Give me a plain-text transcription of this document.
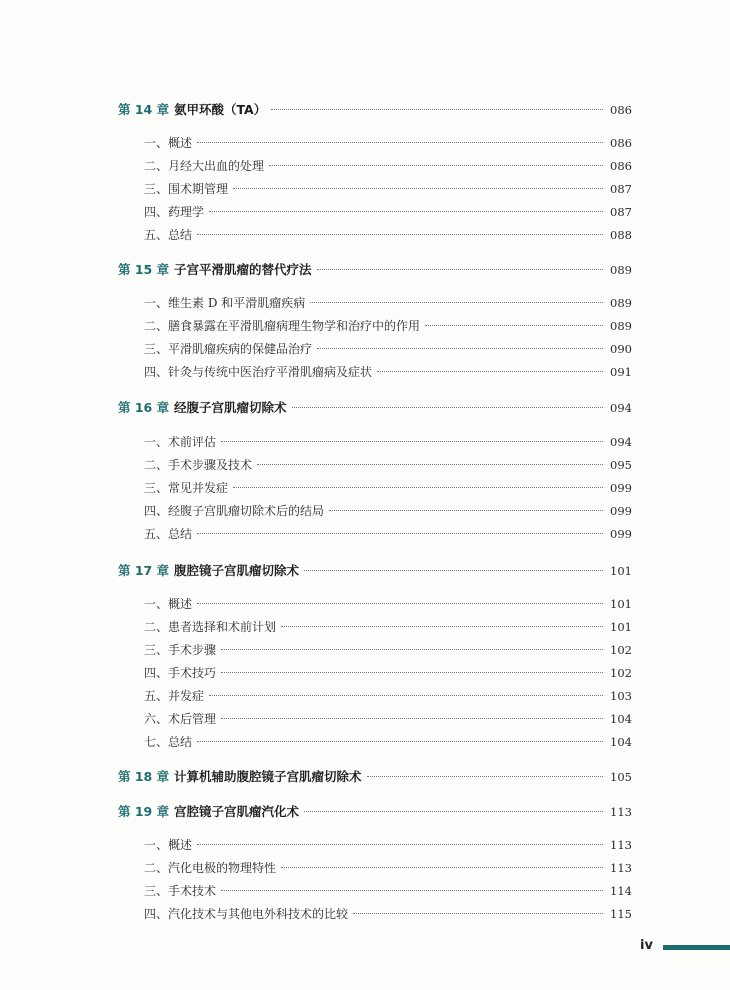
第 14 章 氨甲环酸（TA）	086
一、概述	086
二、月经大出血的处理	086
三、围术期管理	087
四、药理学	087
五、总结	088
第 15 章 子宫平滑肌瘤的替代疗法	089
一、维生素 D 和平滑肌瘤疾病	089
二、膳食暴露在平滑肌瘤病理生物学和治疗中的作用	089
三、平滑肌瘤疾病的保健品治疗	090
四、针灸与传统中医治疗平滑肌瘤病及症状	091
第 16 章 经腹子宫肌瘤切除术	094
一、术前评估	094
二、手术步骤及技术	095
三、常见并发症	099
四、经腹子宫肌瘤切除术后的结局	099
五、总结	099
第 17 章 腹腔镜子宫肌瘤切除术	101
一、概述	101
二、患者选择和术前计划	101
三、手术步骤	102
四、手术技巧	102
五、并发症	103
六、术后管理	104
七、总结	104
第 18 章 计算机辅助腹腔镜子宫肌瘤切除术	105
第 19 章 宫腔镜子宫肌瘤汽化术	113
一、概述	113
二、汽化电极的物理特性	113
三、手术技术	114
四、汽化技术与其他电外科技术的比较	115
iv
